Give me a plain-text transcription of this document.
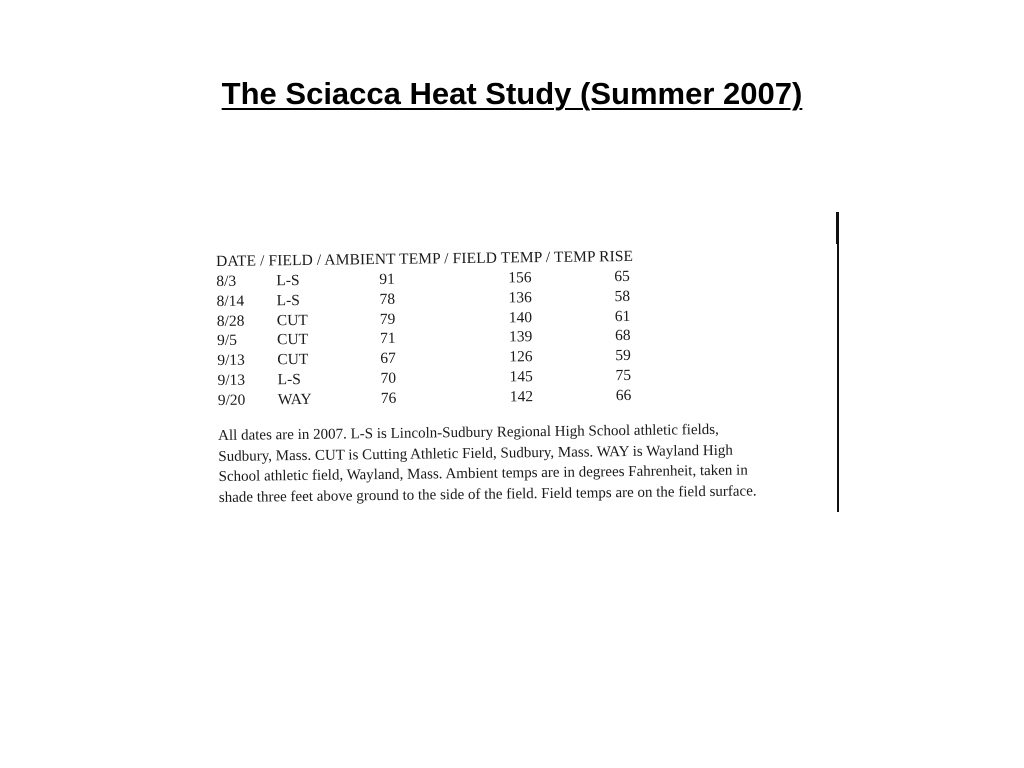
The Sciacca Heat Study (Summer 2007)
DATE / FIELD / AMBIENT TEMP / FIELD TEMP / TEMP RISE
8/3	L-S	91	156	65
8/14 L-S	78	136	58
8/28 CUT	79	140	61
9/5	CUT	71	139	68
9/13 CUT	67	126	59
9/13 L-S	70	145	75
9/20 WAY	76	142	66
All dates are in 2007. L-S is Lincoln-Sudbury Regional High School athletic fields,
Sudbury, Mass. CUT is Cutting Athletic Field, Sudbury, Mass. WAY is Wayland High
School athletic field, Wayland, Mass. Ambient temps are in degrees Fahrenheit, taken in
shade three feet above ground to the side of the field. Field temps are on the field surface.
